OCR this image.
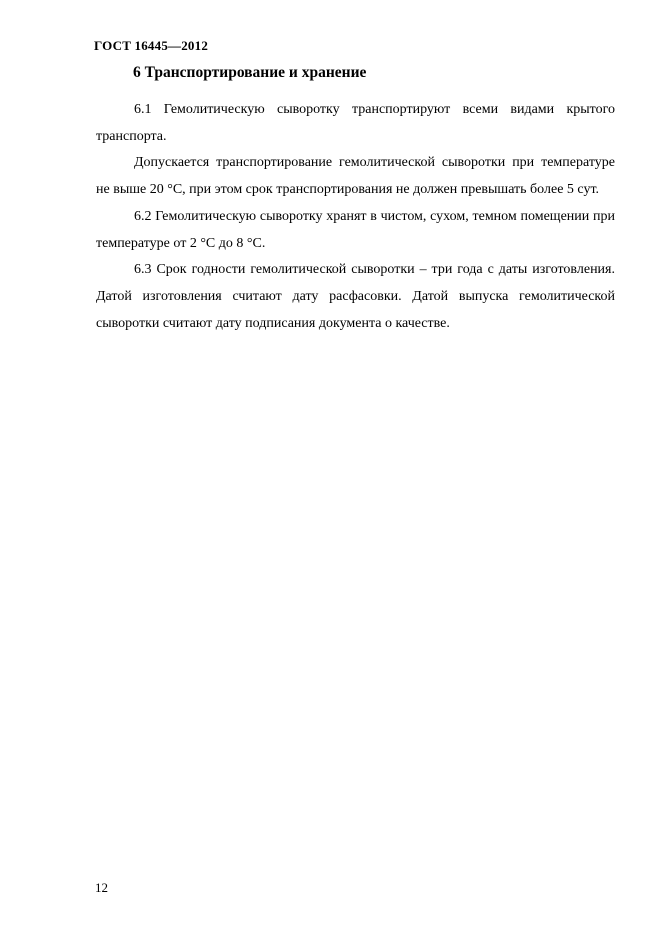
ГОСТ 16445—2012
6 Транспортирование и хранение

6.1 Гемолитическую сыворотку транспортируют всеми видами крытого транспорта.

Допускается транспортирование гемолитической сыворотки при температуре не выше 20 °С, при этом срок транспортирования не должен превышать более 5 сут.

6.2 Гемолитическую сыворотку хранят в чистом, сухом, темном помещении при температуре от 2 °С до 8 °С.

6.3 Срок годности гемолитической сыворотки – три года с даты изготовления. Датой изготовления считают дату расфасовки. Датой выпуска гемолитической сыворотки считают дату подписания документа о качестве.

12
